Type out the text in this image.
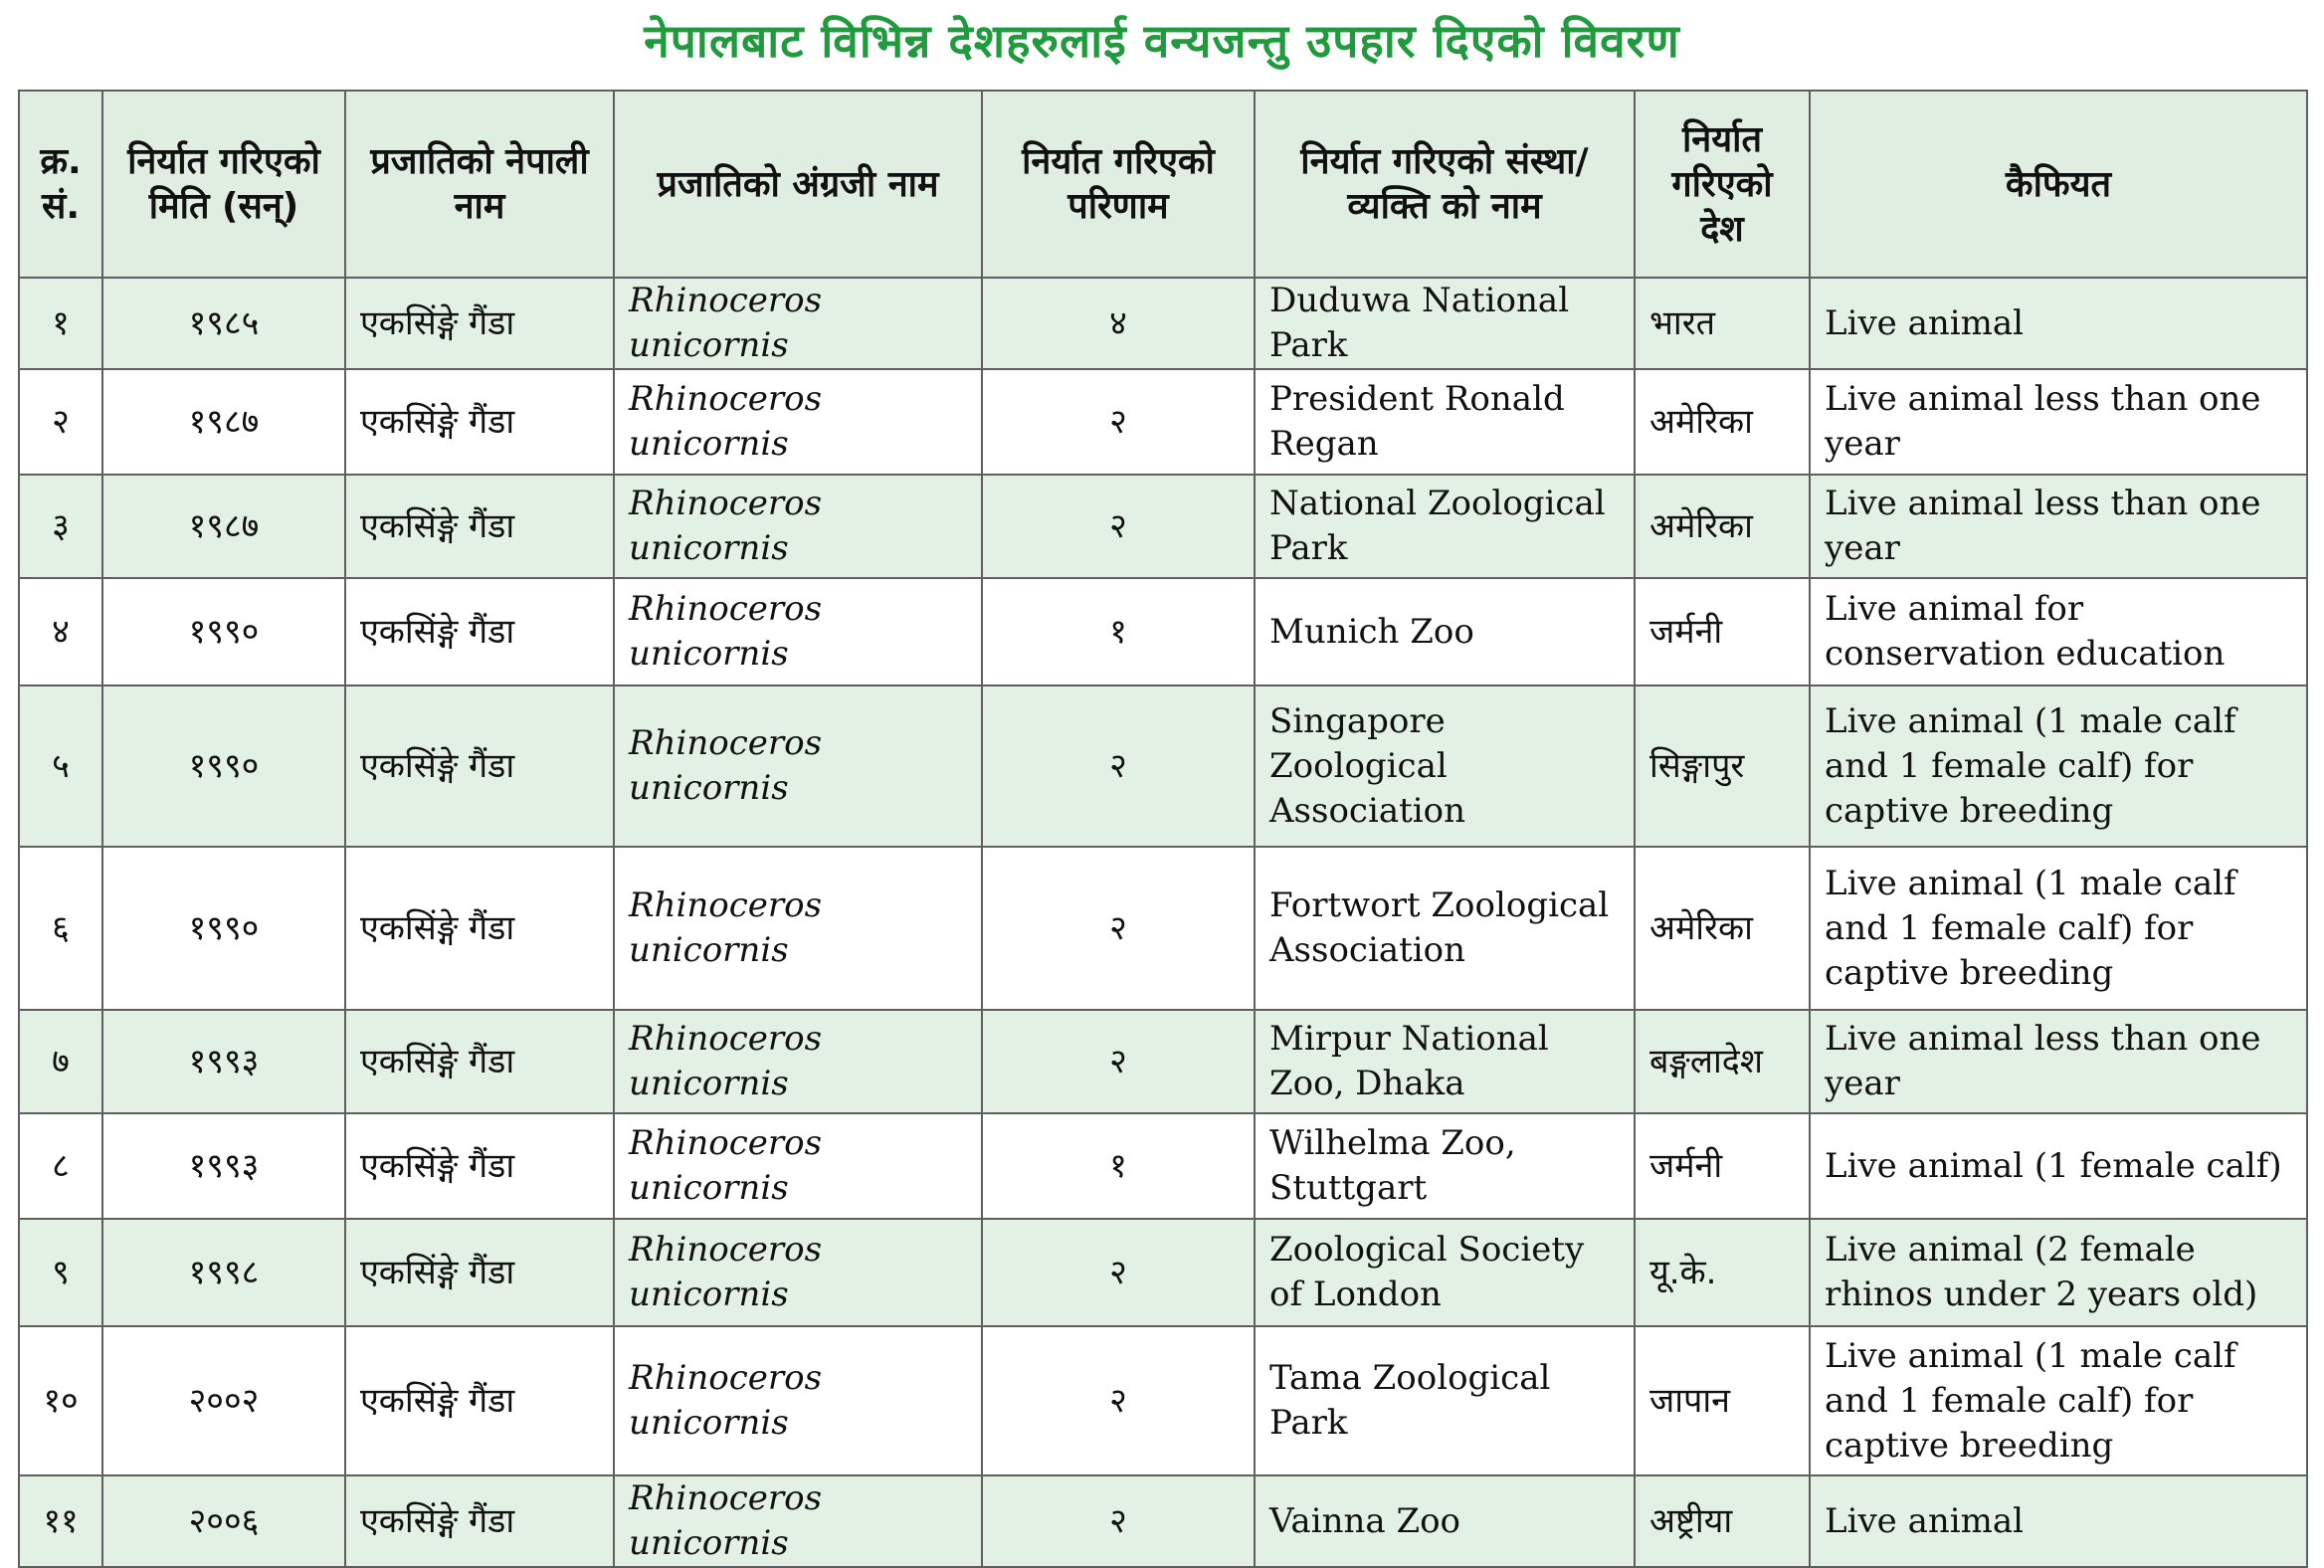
नेपालबाट विभिन्न देशहरुलाई वन्यजन्तु उपहार दिएको विवरण
क्र. सं.	निर्यात गरिएको मिति (सन्)	प्रजातिको नेपाली नाम	प्रजातिको अंग्रजी नाम	निर्यात गरिएको परिणाम	निर्यात गरिएको संस्था/व्यक्ति को नाम	निर्यात गरिएको देश	कैफियत
१	१९८५	एकसिंङ्गे गैंडा	Rhinoceros unicornis	४	Duduwa National Park	भारत	Live animal
२	१९८७	एकसिंङ्गे गैंडा	Rhinoceros unicornis	२	President Ronald Regan	अमेरिका	Live animal less than one year
३	१९८७	एकसिंङ्गे गैंडा	Rhinoceros unicornis	२	National Zoological Park	अमेरिका	Live animal less than one year
४	१९९०	एकसिंङ्गे गैंडा	Rhinoceros unicornis	१	Munich Zoo	जर्मनी	Live animal for conservation education
५	१९९०	एकसिंङ्गे गैंडा	Rhinoceros unicornis	२	Singapore Zoological Association	सिङ्गापुर	Live animal (1 male calf and 1 female calf) for captive breeding
६	१९९०	एकसिंङ्गे गैंडा	Rhinoceros unicornis	२	Fortwort Zoological Association	अमेरिका	Live animal (1 male calf and 1 female calf) for captive breeding
७	१९९३	एकसिंङ्गे गैंडा	Rhinoceros unicornis	२	Mirpur National Zoo, Dhaka	बङ्गलादेश	Live animal less than one year
८	१९९३	एकसिंङ्गे गैंडा	Rhinoceros unicornis	१	Wilhelma Zoo, Stuttgart	जर्मनी	Live animal (1 female calf)
९	१९९८	एकसिंङ्गे गैंडा	Rhinoceros unicornis	२	Zoological Society of London	यू.के.	Live animal (2 female rhinos under 2 years old)
१०	२००२	एकसिंङ्गे गैंडा	Rhinoceros unicornis	२	Tama Zoological Park	जापान	Live animal (1 male calf and 1 female calf) for captive breeding
११	२००६	एकसिंङ्गे गैंडा	Rhinoceros unicornis	२	Vainna Zoo	अष्ट्रीया	Live animal
